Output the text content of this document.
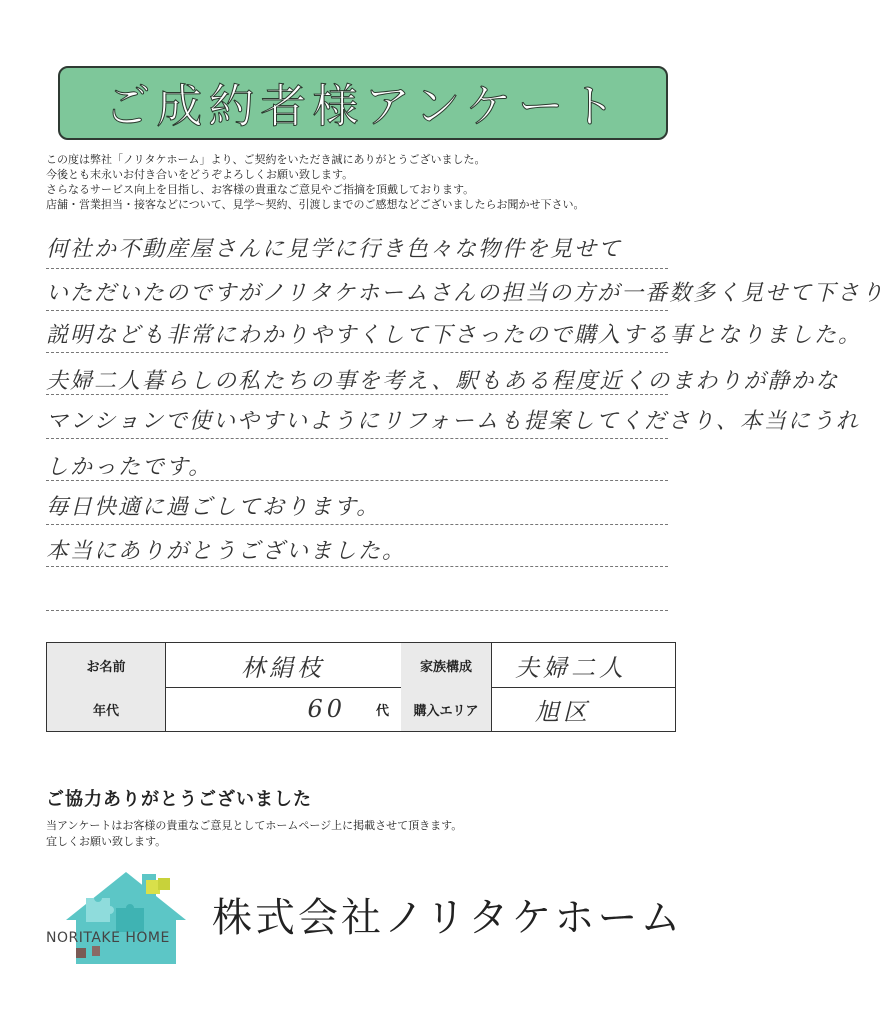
ご成約者様アンケート
この度は弊社「ノリタケホーム」より、ご契約をいただき誠にありがとうございました。
今後とも末永いお付き合いをどうぞよろしくお願い致します。
さらなるサービス向上を目指し、お客様の貴重なご意見やご指摘を頂戴しております。
店舗・営業担当・接客などについて、見学～契約、引渡しまでのご感想などございましたらお聞かせ下さい。
何社か不動産屋さんに見学に行き色々な物件を見せて
いただいたのですがノリタケホームさんの担当の方が一番数多く見せて下さり
説明なども非常にわかりやすくして下さったので購入する事となりました。
夫婦二人暮らしの私たちの事を考え、駅もある程度近くのまわりが静かな
マンションで使いやすいようにリフォームも提案してくださり、本当にうれ
しかったです。
毎日快適に過ごしております。
本当にありがとうございました。
お名前	林絹枝	家族構成	夫婦二人
年代	60 代	購入エリア	旭区
ご協力ありがとうございました
当アンケートはお客様の貴重なご意見としてホームページ上に掲載させて頂きます。
宜しくお願い致します。
NORITAKE HOME	株式会社ノリタケホーム
